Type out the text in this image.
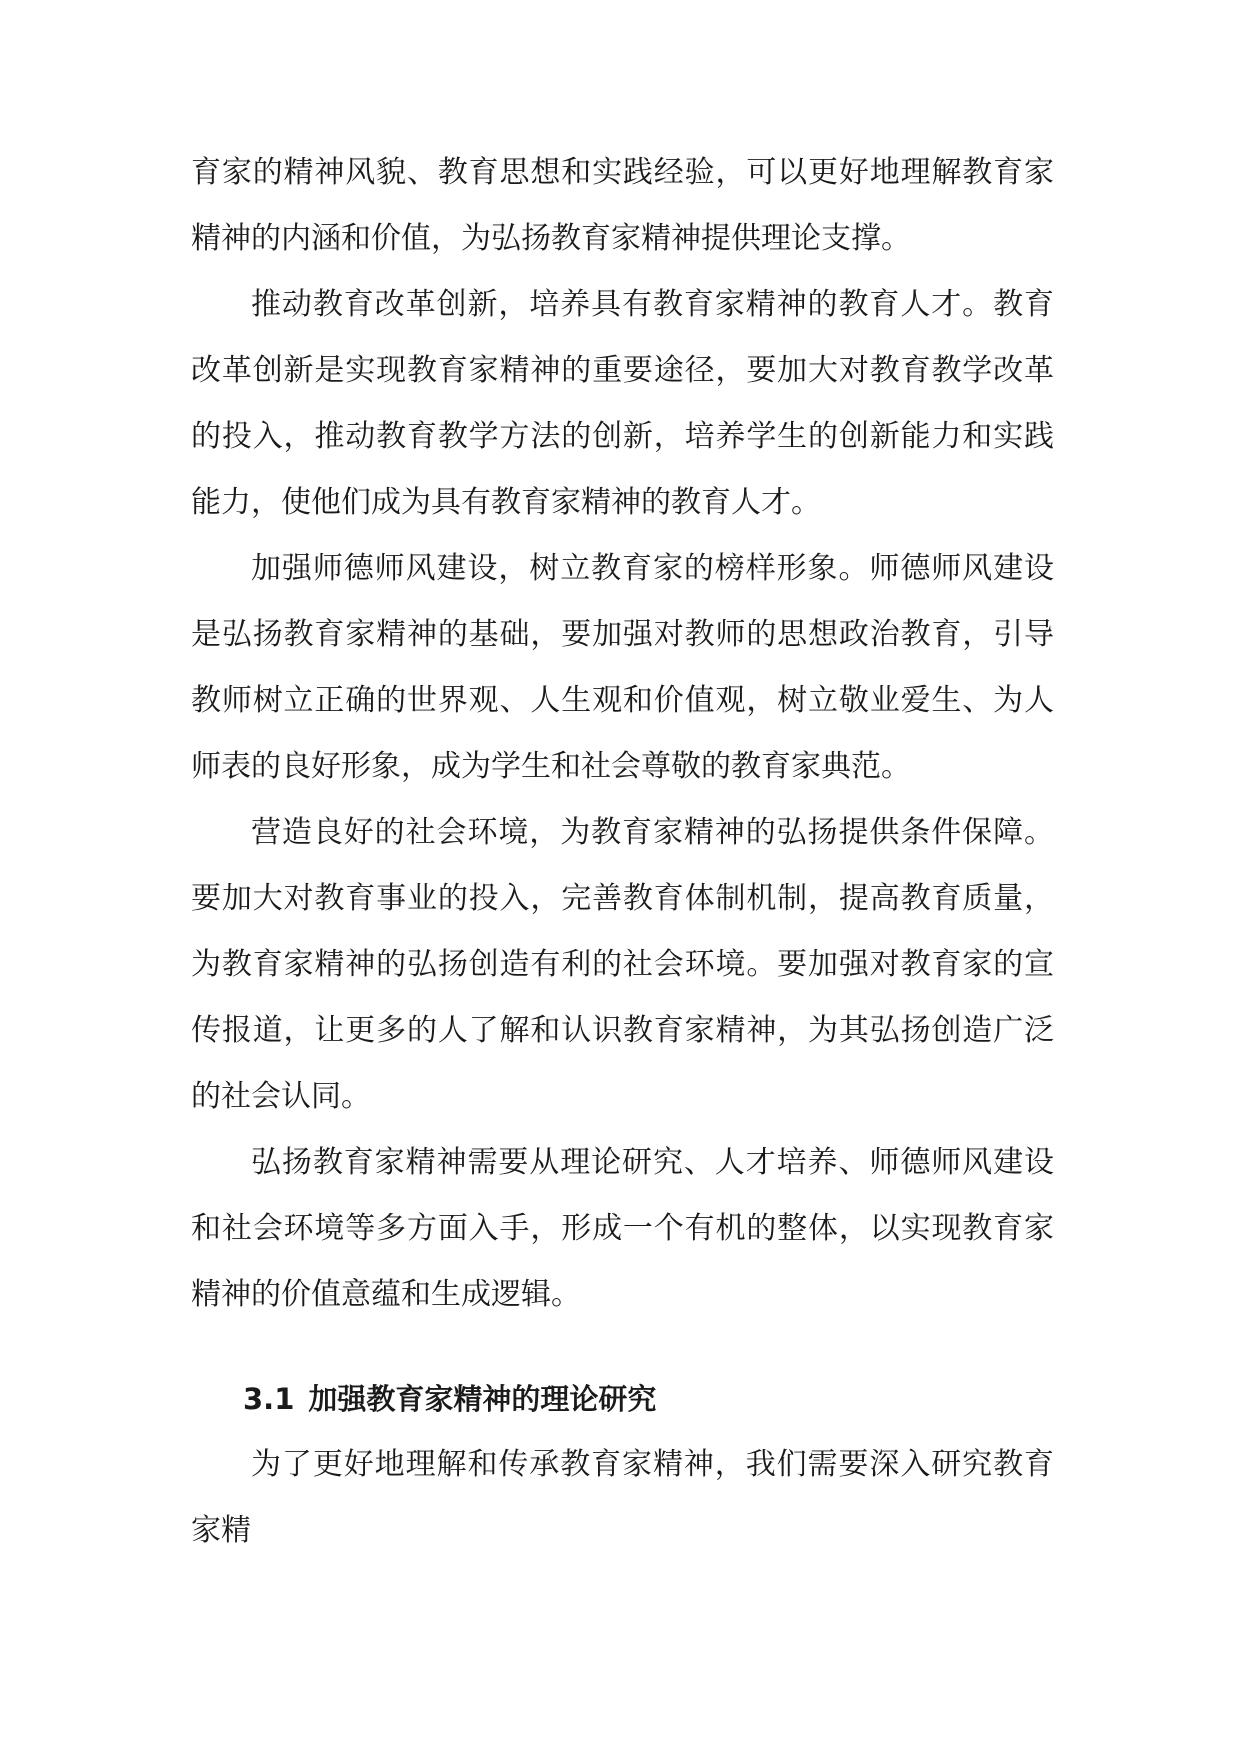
育家的精神风貌、教育思想和实践经验，可以更好地理解教育家精神的内涵和价值，为弘扬教育家精神提供理论支撑。

推动教育改革创新，培养具有教育家精神的教育人才。教育改革创新是实现教育家精神的重要途径，要加大对教育教学改革的投入，推动教育教学方法的创新，培养学生的创新能力和实践能力，使他们成为具有教育家精神的教育人才。

加强师德师风建设，树立教育家的榜样形象。师德师风建设是弘扬教育家精神的基础，要加强对教师的思想政治教育，引导教师树立正确的世界观、人生观和价值观，树立敬业爱生、为人师表的良好形象，成为学生和社会尊敬的教育家典范。

营造良好的社会环境，为教育家精神的弘扬提供条件保障。要加大对教育事业的投入，完善教育体制机制，提高教育质量，为教育家精神的弘扬创造有利的社会环境。要加强对教育家的宣传报道，让更多的人了解和认识教育家精神，为其弘扬创造广泛的社会认同。

弘扬教育家精神需要从理论研究、人才培养、师德师风建设和社会环境等多方面入手，形成一个有机的整体，以实现教育家精神的价值意蕴和生成逻辑。

3.1 加强教育家精神的理论研究

为了更好地理解和传承教育家精神，我们需要深入研究教育家精
